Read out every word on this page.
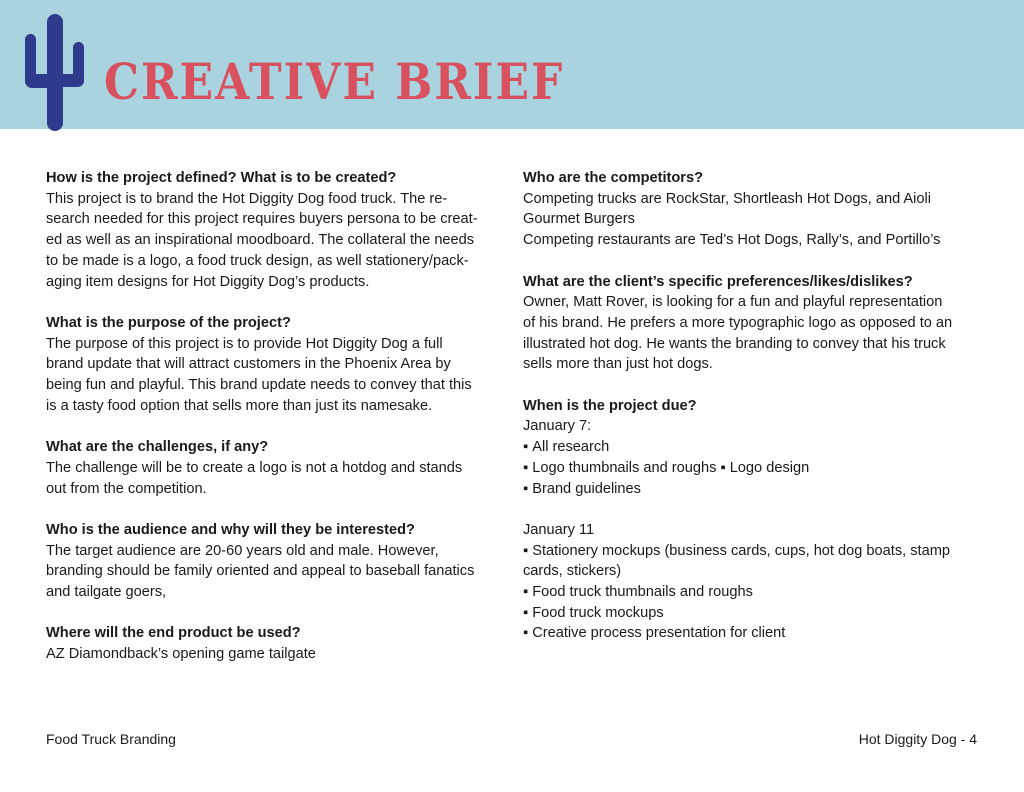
CREATIVE BRIEF

How is the project defined? What is to be created?

This project is to brand the Hot Diggity Dog food truck. The re-

search needed for this project requires buyers persona to be creat-

ed as well as an inspirational moodboard. The collateral the needs

to be made is a logo, a food truck design, as well stationery/pack-

aging item designs for Hot Diggity Dog’s products.

What is the purpose of the project?

The purpose of this project is to provide Hot Diggity Dog a full

brand update that will attract customers in the Phoenix Area by

being fun and playful. This brand update needs to convey that this

is a tasty food option that sells more than just its namesake.

What are the challenges, if any?

The challenge will be to create a logo is not a hotdog and stands

out from the competition.

Who is the audience and why will they be interested?

The target audience are 20-60 years old and male. However,

branding should be family oriented and appeal to baseball fanatics

and tailgate goers,

Where will the end product be used?

AZ Diamondback’s opening game tailgate

Who are the competitors?

Competing trucks are RockStar, Shortleash Hot Dogs, and Aioli

Gourmet Burgers

Competing restaurants are Ted’s Hot Dogs, Rally’s, and Portillo’s

What are the client’s specific preferences/likes/dislikes?

Owner, Matt Rover, is looking for a fun and playful representation

of his brand. He prefers a more typographic logo as opposed to an

illustrated hot dog. He wants the branding to convey that his truck

sells more than just hot dogs.

When is the project due?

January 7:

▪ All research

▪ Logo thumbnails and roughs ▪ Logo design

▪ Brand guidelines

January 11

▪ Stationery mockups (business cards, cups, hot dog boats, stamp

cards, stickers)

▪ Food truck thumbnails and roughs

▪ Food truck mockups

▪ Creative process presentation for client

Food Truck Branding	Hot Diggity Dog - 4
